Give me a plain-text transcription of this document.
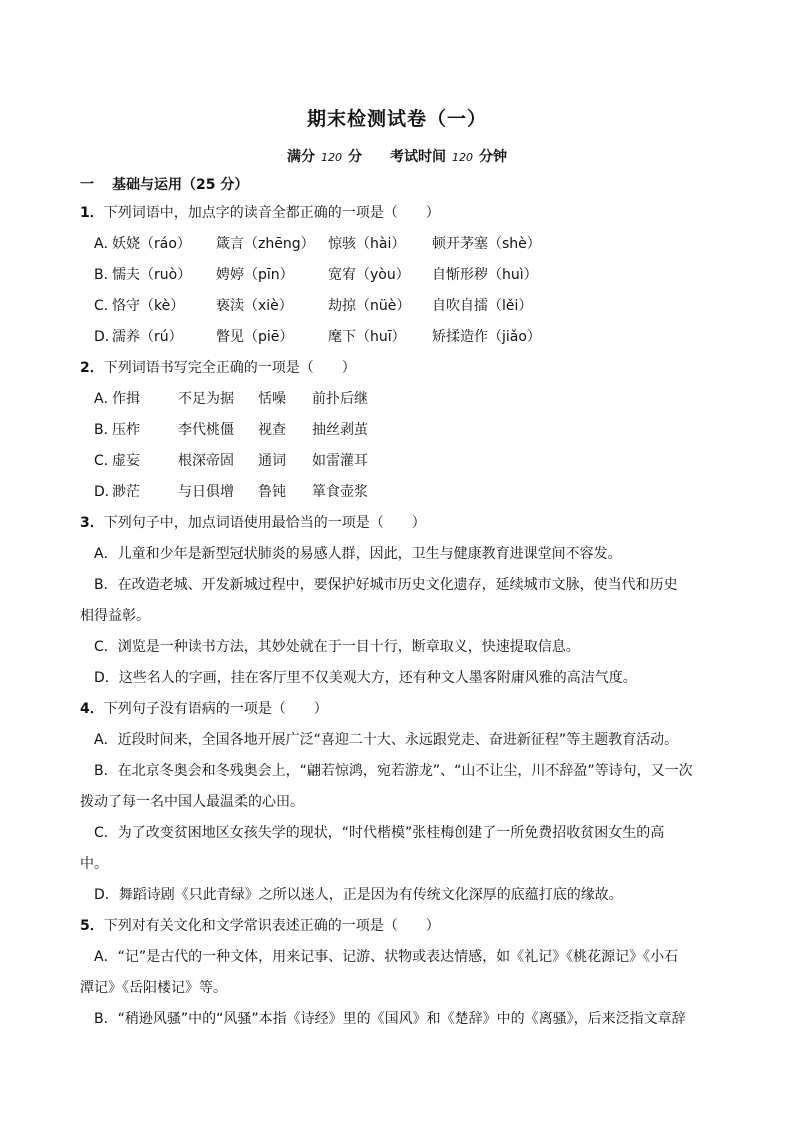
期末检测试卷（一）
满分 120 分 考试时间 120 分钟
一 基础与运用（25 分）
1．下列词语中，加点字的读音全都正确的一项是（　　）
A．妖娆（ráo） 箴言（zhēng） 惊骇（hài） 顿开茅塞（shè）
B．懦夫（ruò） 娉婷（pīn） 宽宥（yòu） 自惭形秽（huì）
C．恪守（kè） 亵渎（xiè）	劫掠（nüè） 自吹自擂（lěi）
D．濡养（rú） 瞥见（piē） 麾下（huī） 矫揉造作（jiǎo）
2．下列词语书写完全正确的一项是（　　）
A．作揖	不足为据 恬噪 前扑后继
B．压柞	李代桃僵 视查 抽丝剥茧
C．虚妄	根深帝固 通词 如雷灌耳
D．渺茫	与日俱增 鲁钝 箪食壶浆
3．下列句子中，加点词语使用最恰当的一项是（　　）
A．儿童和少年是新型冠状肺炎的易感人群，因此，卫生与健康教育进课堂间不容发。
B．在改造老城、开发新城过程中，要保护好城市历史文化遗存，延续城市文脉，使当代和历史
相得益彰。
C．浏览是一种读书方法，其妙处就在于一目十行，断章取义，快速提取信息。
D．这些名人的字画，挂在客厅里不仅美观大方，还有种文人墨客附庸风雅的高洁气度。
4．下列句子没有语病的一项是（　　）
A．近段时间来，全国各地开展广泛“喜迎二十大、永远跟党走、奋进新征程”等主题教育活动。
B．在北京冬奥会和冬残奥会上，“翩若惊鸿，宛若游龙”、“山不让尘，川不辞盈”等诗句，又一次
拨动了每一名中国人最温柔的心田。
C．为了改变贫困地区女孩失学的现状，“时代楷模”张桂梅创建了一所免费招收贫困女生的高
中。
D．舞蹈诗剧《只此青绿》之所以迷人，正是因为有传统文化深厚的底蕴打底的缘故。
5．下列对有关文化和文学常识表述正确的一项是（　　）
A．“记”是古代的一种文体，用来记事、记游、状物或表达情感，如《礼记》《桃花源记》《小石
潭记》《岳阳楼记》等。
B．“稍逊风骚”中的“风骚”本指《诗经》里的《国风》和《楚辞》中的《离骚》，后来泛指文章辞
